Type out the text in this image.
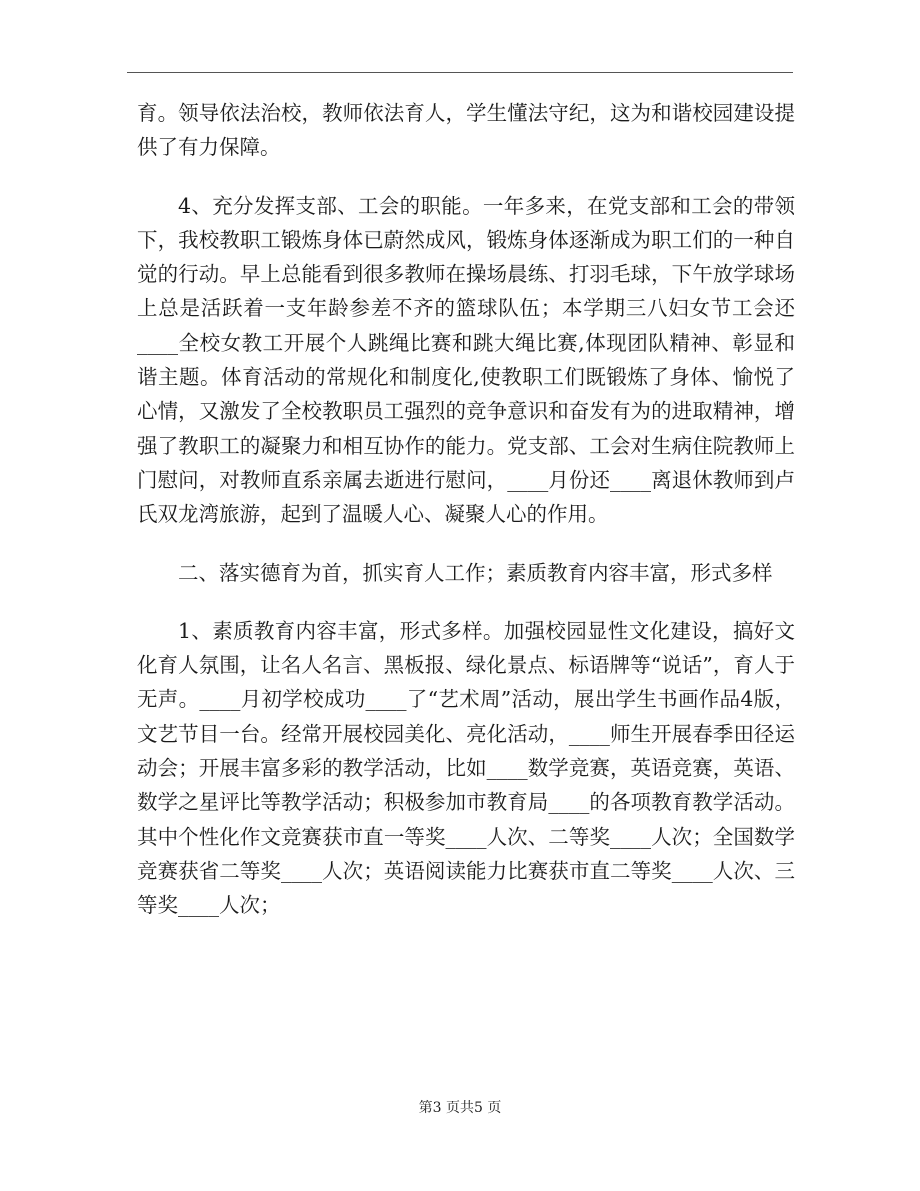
育。领导依法治校，教师依法育人，学生懂法守纪，这为和谐校园建设提供了有力保障。

4、充分发挥支部、工会的职能。一年多来，在党支部和工会的带领下，我校教职工锻炼身体已蔚然成风，锻炼身体逐渐成为职工们的一种自觉的行动。早上总能看到很多教师在操场晨练、打羽毛球，下午放学球场上总是活跃着一支年龄参差不齐的篮球队伍；本学期三八妇女节工会还____全校女教工开展个人跳绳比赛和跳大绳比赛,体现团队精神、彰显和谐主题。体育活动的常规化和制度化,使教职工们既锻炼了身体、愉悦了心情，又激发了全校教职员工强烈的竞争意识和奋发有为的进取精神，增强了教职工的凝聚力和相互协作的能力。党支部、工会对生病住院教师上门慰问，对教师直系亲属去逝进行慰问，____月份还____离退休教师到卢氏双龙湾旅游，起到了温暖人心、凝聚人心的作用。

二、落实德育为首，抓实育人工作；素质教育内容丰富，形式多样

1、素质教育内容丰富，形式多样。加强校园显性文化建设，搞好文化育人氛围，让名人名言、黑板报、绿化景点、标语牌等“说话”，育人于无声。____月初学校成功____了“艺术周”活动，展出学生书画作品4版，文艺节目一台。经常开展校园美化、亮化活动，____师生开展春季田径运动会；开展丰富多彩的教学活动，比如____数学竞赛，英语竞赛，英语、数学之星评比等教学活动；积极参加市教育局____的各项教育教学活动。其中个性化作文竞赛获市直一等奖____人次、二等奖____人次；全国数学竞赛获省二等奖____人次；英语阅读能力比赛获市直二等奖____人次、三等奖____人次；

第3 页共5 页
